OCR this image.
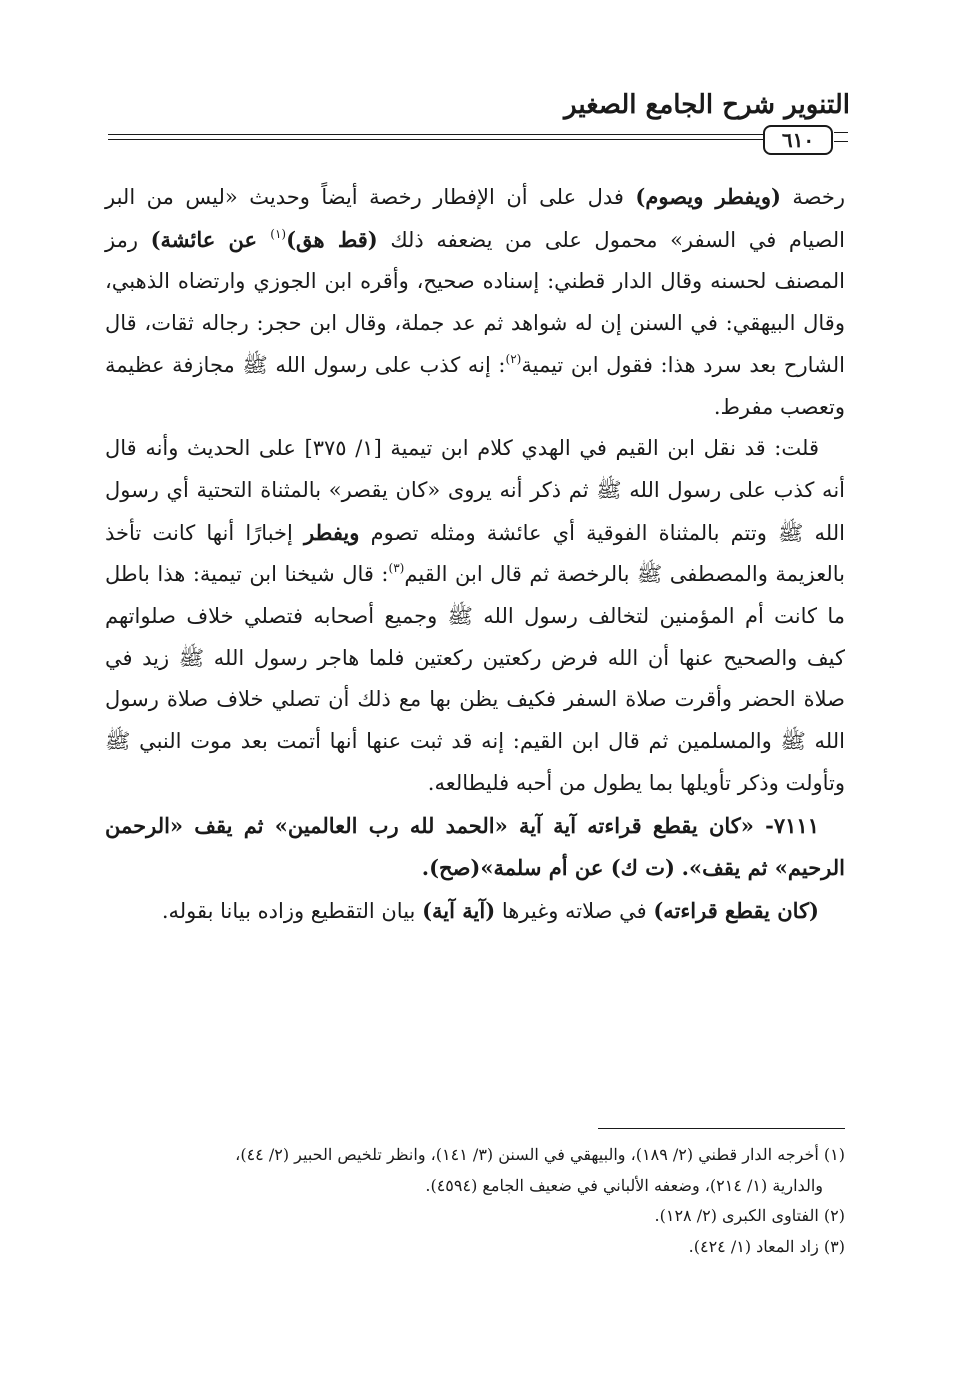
التنوير شرح الجامع الصغير
٦١٠

رخصة (ويفطر ويصوم) فدل على أن الإفطار رخصة أيضاً وحديث «ليس من البر الصيام في السفر» محمول على من يضعفه ذلك (قط هق)$^{(١)}$ عن عائشة) رمز المصنف لحسنه وقال الدار قطني: إسناده صحيح، وأقره ابن الجوزي وارتضاه الذهبي، وقال البيهقي: في السنن إن له شواهد ثم عد جملة، وقال ابن حجر: رجاله ثقات، قال الشارح بعد سرد هذا: فقول ابن تيمية$^{(٢)}$: إنه كذب على رسول الله ﷺ مجازفة عظيمة وتعصب مفرط.

قلت: قد نقل ابن القيم في الهدي كلام ابن تيمية [١/ ٣٧٥] على الحديث وأنه قال أنه كذب على رسول الله ﷺ ثم ذكر أنه يروى «كان يقصر» بالمثناة التحتية أي رسول الله ﷺ وتتم بالمثناة الفوقية أي عائشة ومثله تصوم ويفطر إخبارًا أنها كانت تأخذ بالعزيمة والمصطفى ﷺ بالرخصة ثم قال ابن القيم$^{(٣)}$: قال شيخنا ابن تيمية: هذا باطل ما كانت أم المؤمنين لتخالف رسول الله ﷺ وجميع أصحابه فتصلي خلاف صلواتهم كيف والصحيح عنها أن الله فرض ركعتين ركعتين فلما هاجر رسول الله ﷺ زيد في صلاة الحضر وأقرت صلاة السفر فكيف يظن بها مع ذلك أن تصلي خلاف صلاة رسول الله ﷺ والمسلمين ثم قال ابن القيم: إنه قد ثبت عنها أنها أتمت بعد موت النبي ﷺ وتأولت وذكر تأويلها بما يطول من أحبه فليطالعه.

٧١١١- «كان يقطع قراءته آية آية «الحمد لله رب العالمين» ثم يقف «الرحمن الرحيم» ثم يقف». (ت ك) عن أم سلمة»(صح).

(كان يقطع قراءته) في صلاته وغيرها (آية آية) بيان التقطيع وزاده بيانا بقوله.

(١) أخرجه الدار قطني (٢/ ١٨٩)، والبيهقي في السنن (٣/ ١٤١)، وانظر تلخيص الحبير (٢/ ٤٤)،

والدارية (١/ ٢١٤)، وضعفه الألباني في ضعيف الجامع (٤٥٩٤).

(٢) الفتاوى الكبرى (٢/ ١٢٨).

(٣) زاد المعاد (١/ ٤٢٤).
